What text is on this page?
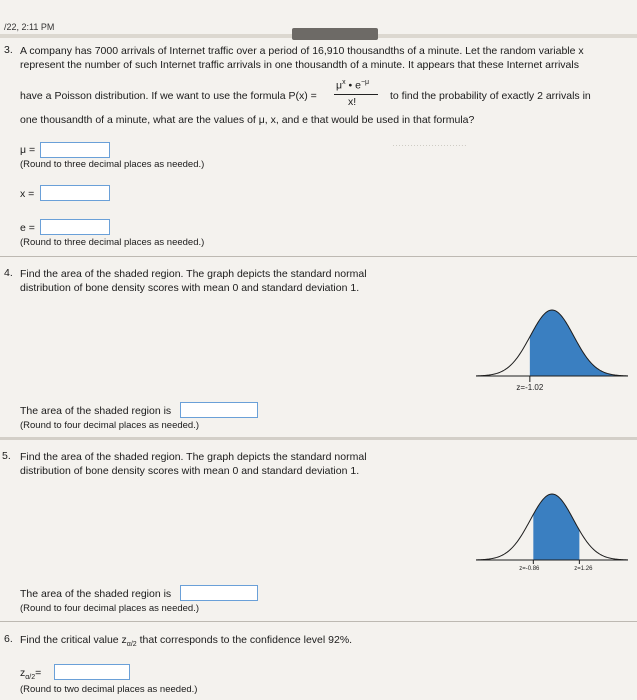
/22, 2:11 PM
3. A company has 7000 arrivals of Internet traffic over a period of 16,910 thousandths of a minute. Let the random variable x
represent the number of such Internet traffic arrivals in one thousandth of a minute. It appears that these Internet arrivals
have a Poisson distribution. If we want to use the formula P(x) =
$\mu^x$ • $e^{-\mu}$
x!	to find the probability of exactly 2 arrivals in
one thousandth of a minute, what are the values of μ, x, and e that would be used in that formula?
·························
μ =
(Round to three decimal places as needed.)
x =
e =
(Round to three decimal places as needed.)
4. Find the area of the shaded region. The graph depicts the standard normal
distribution of bone density scores with mean 0 and standard deviation 1.
z=-1.02
The area of the shaded region is
(Round to four decimal places as needed.)
5. Find the area of the shaded region. The graph depicts the standard normal
distribution of bone density scores with mean 0 and standard deviation 1.
z=-0.86	z=1.26
The area of the shaded region is
(Round to four decimal places as needed.)
6. Find the critical value $z_{\alpha/2}$ that corresponds to the confidence level 92%.
$z_{\alpha/2}=$
(Round to two decimal places as needed.)
